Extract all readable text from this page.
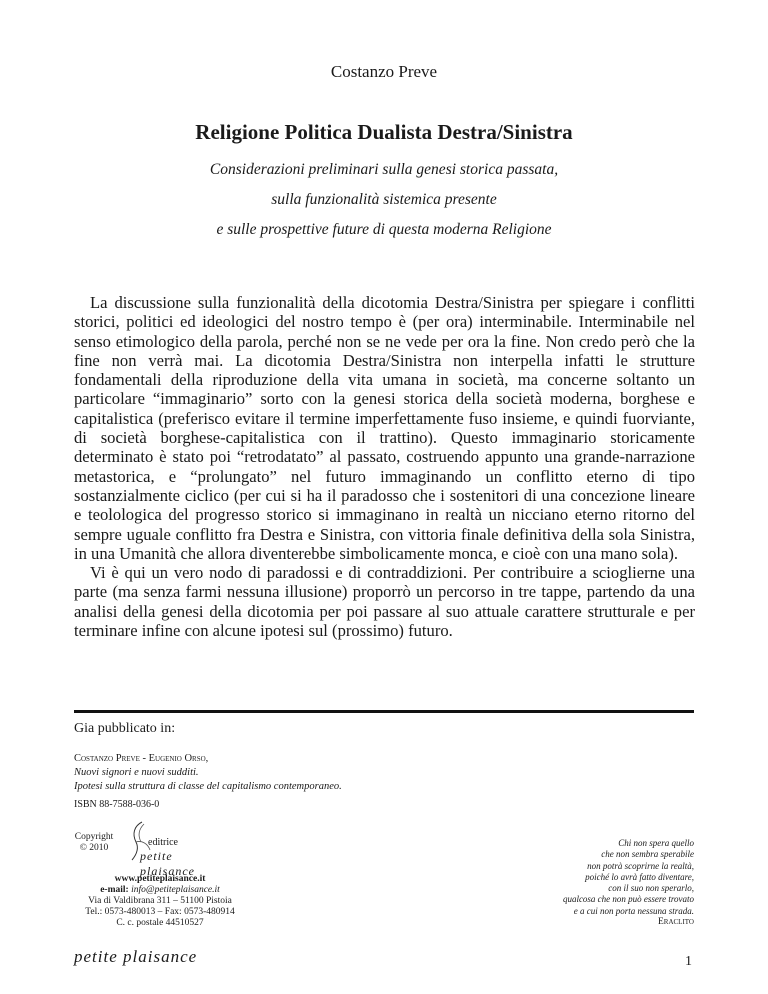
Costanzo Preve
Religione Politica Dualista Destra/Sinistra
Considerazioni preliminari sulla genesi storica passata,
sulla funzionalità sistemica presente
e sulle prospettive future di questa moderna Religione

La discussione sulla funzionalità della dicotomia Destra/Sinistra per spiegare i conflitti storici, politici ed ideologici del nostro tempo è (per ora) interminabile. Interminabile nel senso etimologico della parola, perché non se ne vede per ora la fine. Non credo però che la fine non verrà mai. La dicotomia Destra/Sinistra non interpella infatti le strutture fondamentali della riproduzione della vita umana in società, ma concerne soltanto un particolare “immaginario” sorto con la genesi storica della società moderna, borghese e capitalistica (preferisco evitare il termine imperfettamente fuso insieme, e quindi fuorviante, di società borghese-capitalistica con il trattino). Questo immaginario storicamente determinato è stato poi “retrodatato” al passato, costruendo appunto una grande-narrazione metastorica, e “prolungato” nel futuro immaginando un conflitto eterno di tipo sostanzialmente ciclico (per cui si ha il paradosso che i sostenitori di una concezione lineare e teolologica del progresso storico si immaginano in realtà un nicciano eterno ritorno del sempre uguale conflitto fra Destra e Sinistra, con vittoria finale definitiva della sola Sinistra, in una Umanità che allora diventerebbe simbolicamente monca, e cioè con una mano sola).

Vi è qui un vero nodo di paradossi e di contraddizioni. Per contribuire a scioglierne una parte (ma senza farmi nessuna illusione) proporrò un percorso in tre tappe, partendo da una analisi della genesi della dicotomia per poi passare al suo attuale carattere strutturale e per terminare infine con alcune ipotesi sul (prossimo) futuro.

Gia pubblicato in:
Costanzo Preve - Eugenio Orso,
Nuovi signori e nuovi sudditi.
Ipotesi sulla struttura di classe del capitalismo contemporaneo.
ISBN 88-7588-036-0
Copyright
© 2010	editrice
petite plaisance
www.petiteplaisance.it
e-mail: info@petiteplaisance.it
Via di Valdibrana 311 – 51100 Pistoia
Tel.: 0573-480013 – Fax: 0573-480914
C. c. postale 44510527
Chi non spera quello
che non sembra sperabile
non potrà scoprirne la realtà,
poiché lo avrà fatto diventare,
con il suo non sperarlo,
qualcosa che non può essere trovato
e a cui non porta nessuna strada.
Eraclito
petite plaisance	1
